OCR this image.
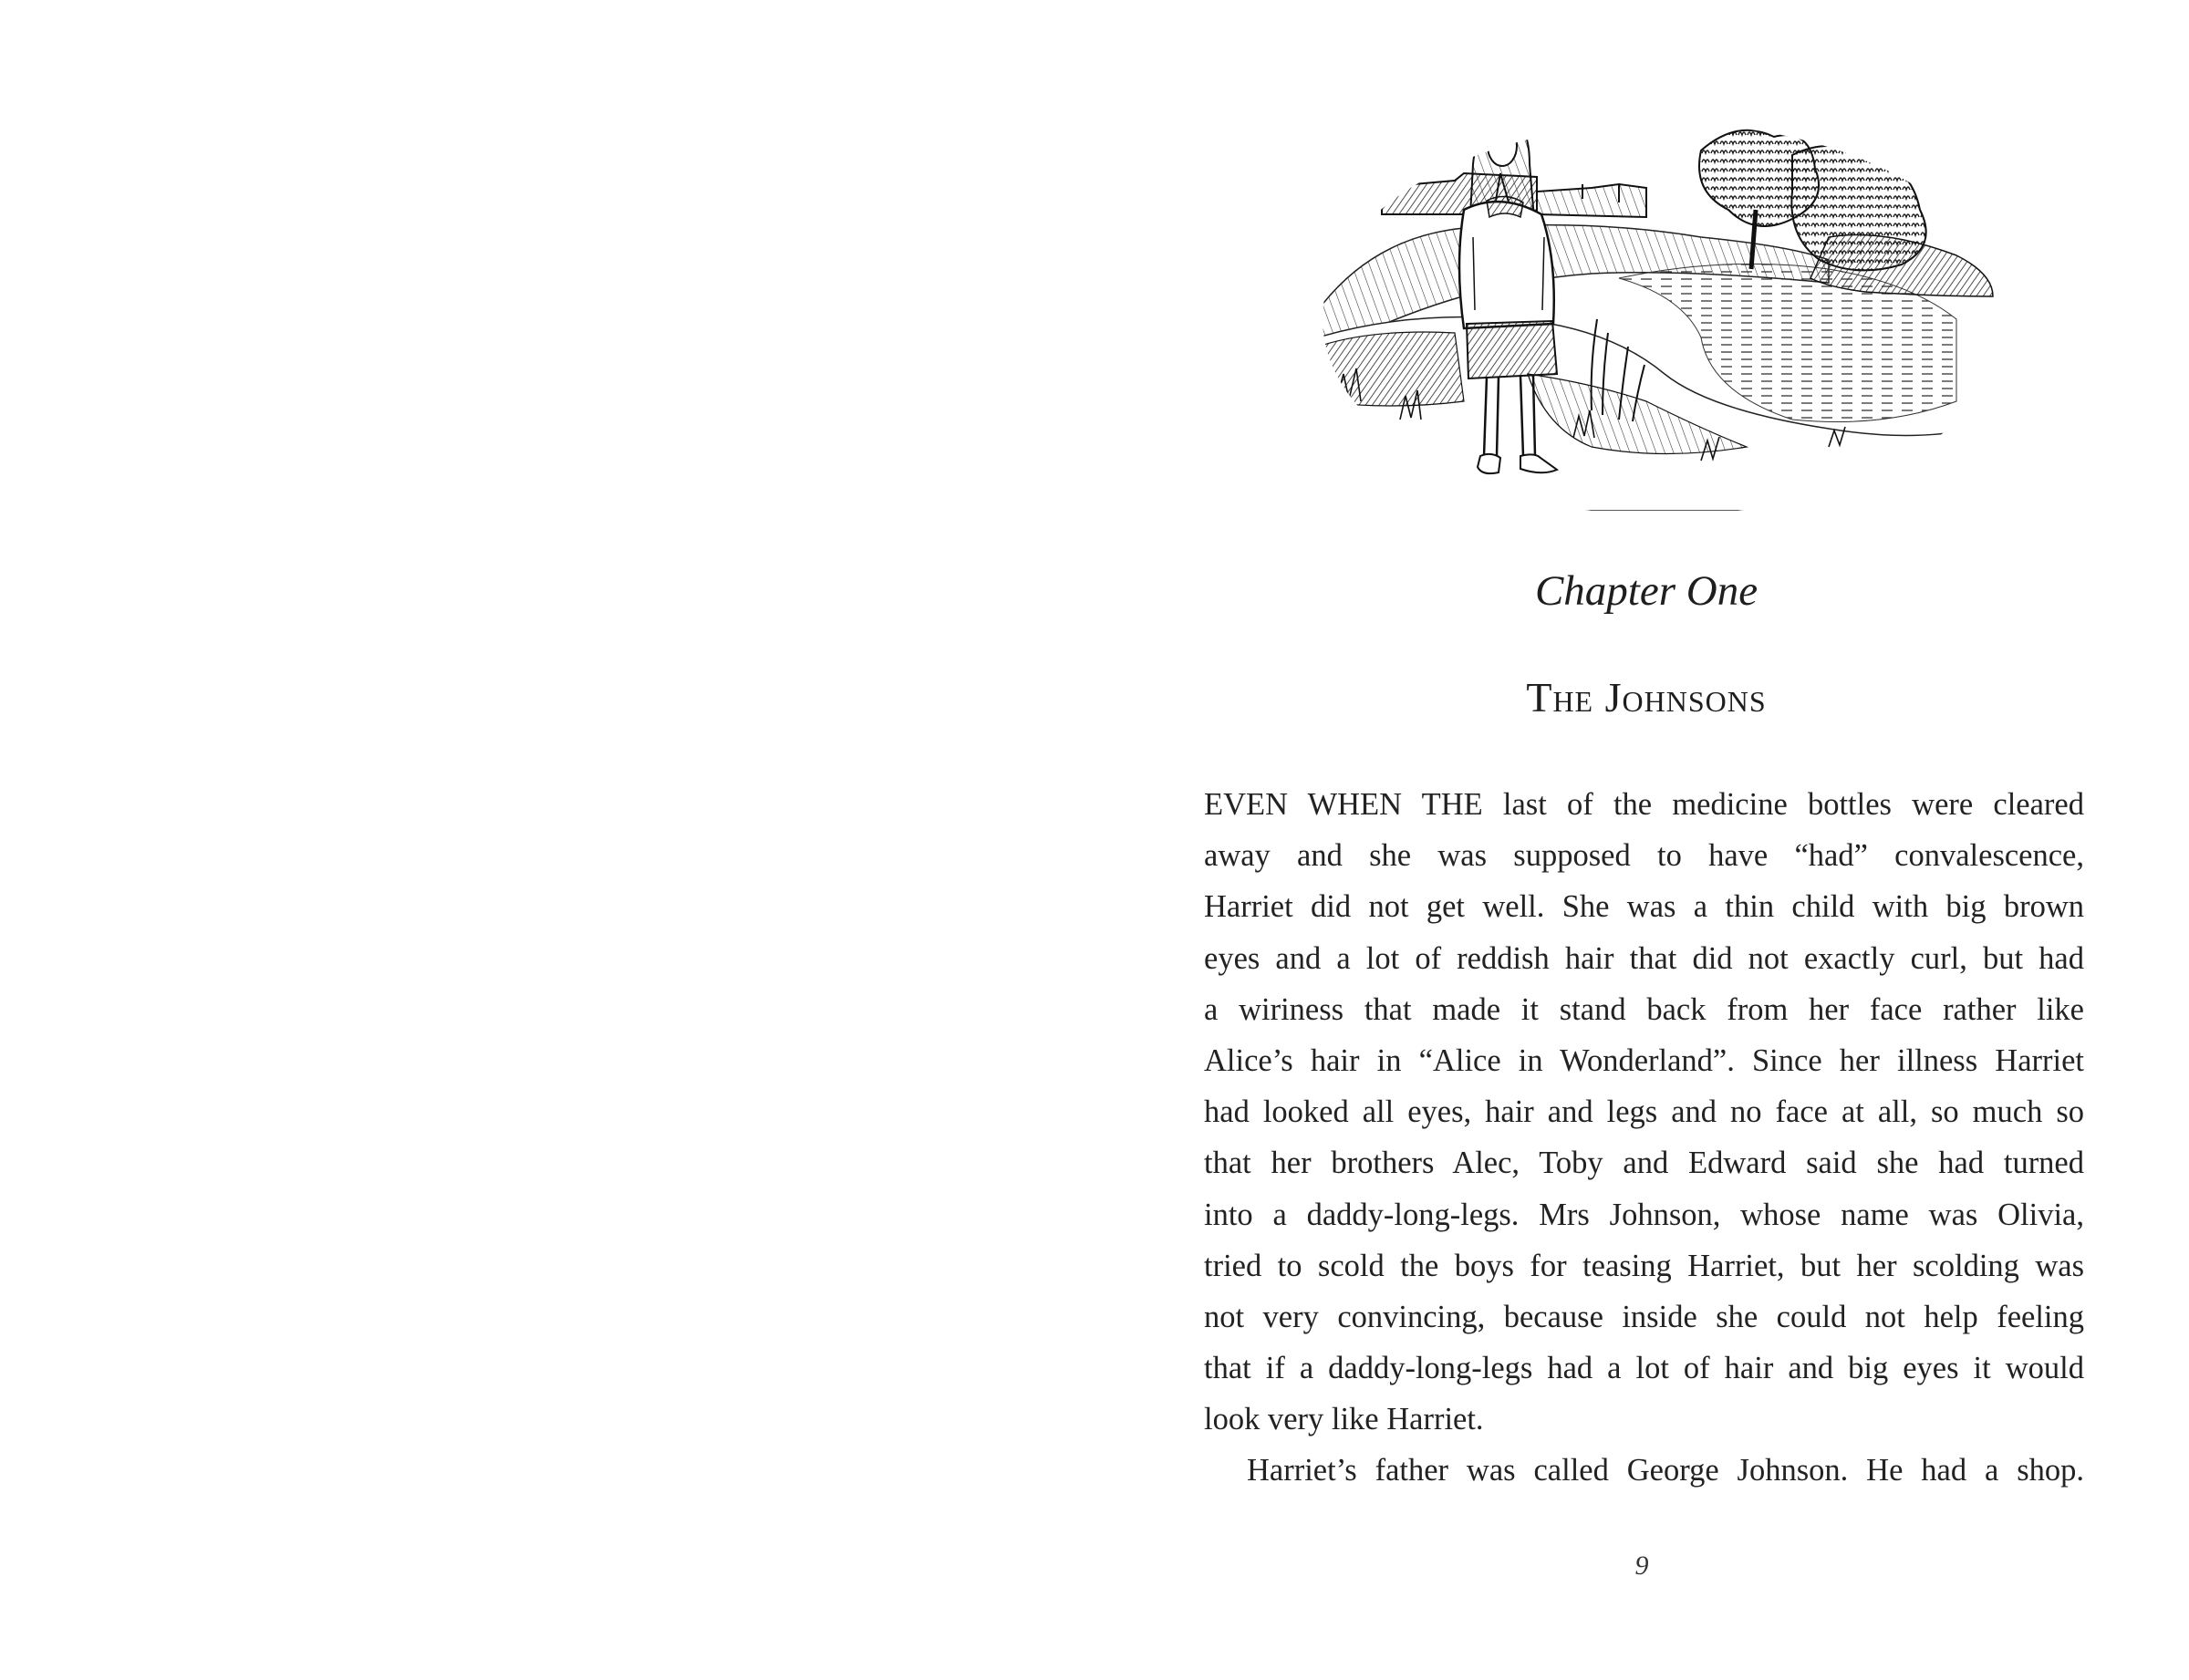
Chapter One
The Johnsons
EVEN WHEN THE last of the medicine bottles were cleared
away and she was supposed to have “had” convalescence,
Harriet did not get well. She was a thin child with big brown
eyes and a lot of reddish hair that did not exactly curl, but had
a wiriness that made it stand back from her face rather like
Alice’s hair in “Alice in Wonderland”. Since her illness Harriet
had looked all eyes, hair and legs and no face at all, so much so
that her brothers Alec, Toby and Edward said she had turned
into a daddy-long-legs. Mrs Johnson, whose name was Olivia,
tried to scold the boys for teasing Harriet, but her scolding was
not very convincing, because inside she could not help feeling
that if a daddy-long-legs had a lot of hair and big eyes it would
look very like Harriet.
Harriet’s father was called George Johnson. He had a shop.
9
